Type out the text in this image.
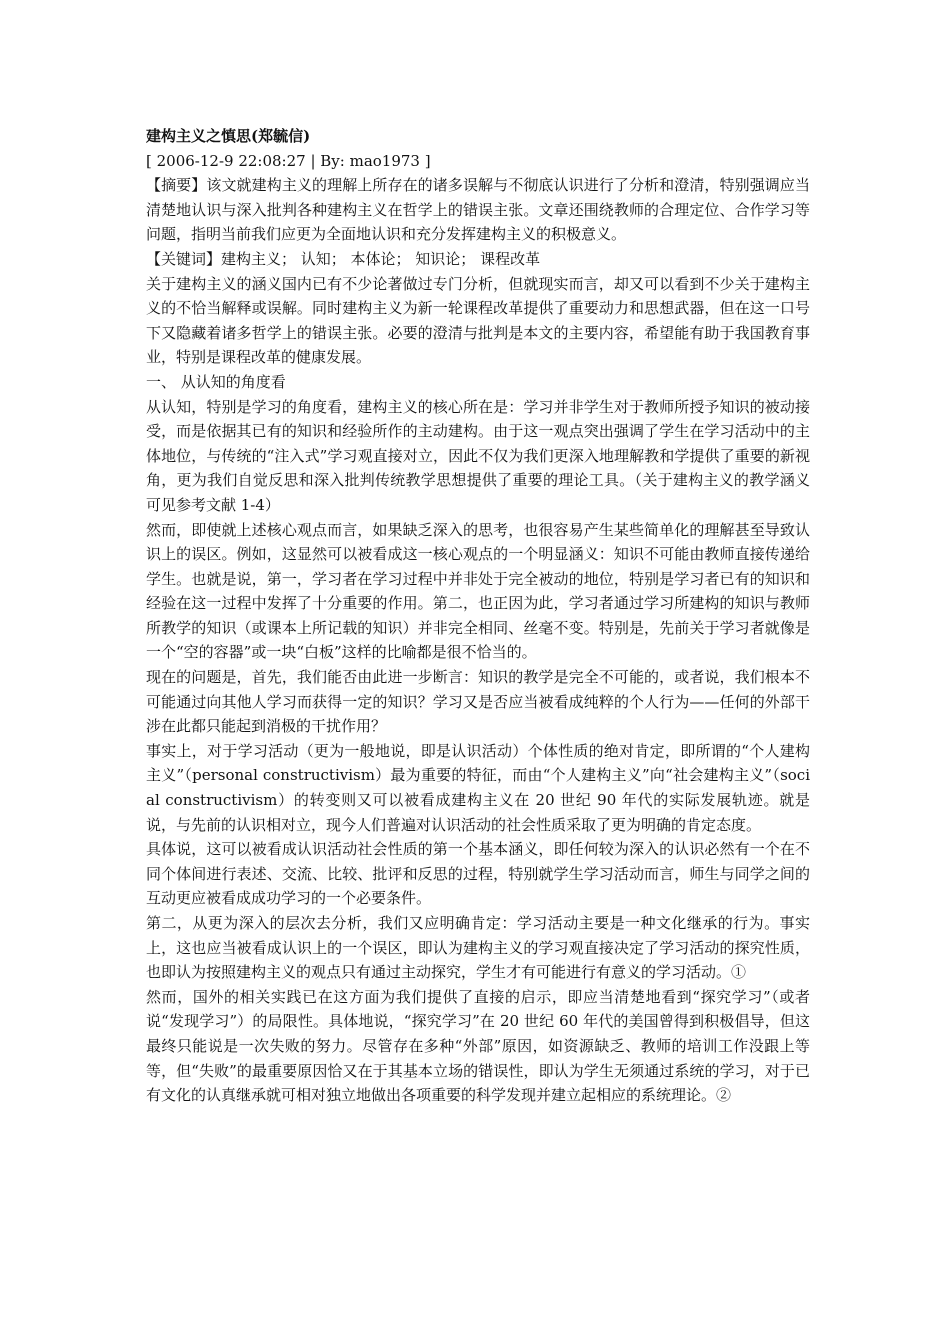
建构主义之慎思(郑毓信)

[ 2006-12-9 22:08:27 | By: mao1973 ]

【摘要】该文就建构主义的理解上所存在的诸多误解与不彻底认识进行了分析和澄清，特别强调应当清楚地认识与深入批判各种建构主义在哲学上的错误主张。文章还围绕教师的合理定位、合作学习等问题，指明当前我们应更为全面地认识和充分发挥建构主义的积极意义。

【关键词】建构主义； 认知； 本体论； 知识论； 课程改革

关于建构主义的涵义国内已有不少论著做过专门分析，但就现实而言，却又可以看到不少关于建构主义的不恰当解释或误解。同时建构主义为新一轮课程改革提供了重要动力和思想武器，但在这一口号下又隐藏着诸多哲学上的错误主张。必要的澄清与批判是本文的主要内容，希望能有助于我国教育事业，特别是课程改革的健康发展。

一、 从认知的角度看

从认知，特别是学习的角度看，建构主义的核心所在是：学习并非学生对于教师所授予知识的被动接受，而是依据其已有的知识和经验所作的主动建构。由于这一观点突出强调了学生在学习活动中的主体地位，与传统的“注入式”学习观直接对立，因此不仅为我们更深入地理解教和学提供了重要的新视角，更为我们自觉反思和深入批判传统教学思想提供了重要的理论工具。（关于建构主义的教学涵义可见参考文献 1-4）

然而，即使就上述核心观点而言，如果缺乏深入的思考，也很容易产生某些简单化的理解甚至导致认识上的误区。例如，这显然可以被看成这一核心观点的一个明显涵义：知识不可能由教师直接传递给学生。也就是说，第一，学习者在学习过程中并非处于完全被动的地位，特别是学习者已有的知识和经验在这一过程中发挥了十分重要的作用。第二，也正因为此，学习者通过学习所建构的知识与教师所教学的知识（或课本上所记载的知识）并非完全相同、丝毫不变。特别是，先前关于学习者就像是一个“空的容器”或一块“白板”这样的比喻都是很不恰当的。

现在的问题是，首先，我们能否由此进一步断言：知识的教学是完全不可能的，或者说，我们根本不可能通过向其他人学习而获得一定的知识？学习又是否应当被看成纯粹的个人行为——任何的外部干涉在此都只能起到消极的干扰作用？

事实上，对于学习活动（更为一般地说，即是认识活动）个体性质的绝对肯定，即所谓的“个人建构主义”（personal constructivism）最为重要的特征，而由“个人建构主义”向“社会建构主义”（social constructivism）的转变则又可以被看成建构主义在 20 世纪 90 年代的实际发展轨迹。就是说，与先前的认识相对立，现今人们普遍对认识活动的社会性质采取了更为明确的肯定态度。

具体说，这可以被看成认识活动社会性质的第一个基本涵义，即任何较为深入的认识必然有一个在不同个体间进行表述、交流、比较、批评和反思的过程，特别就学生学习活动而言，师生与同学之间的互动更应被看成成功学习的一个必要条件。

第二，从更为深入的层次去分析，我们又应明确肯定：学习活动主要是一种文化继承的行为。事实上，这也应当被看成认识上的一个误区，即认为建构主义的学习观直接决定了学习活动的探究性质，也即认为按照建构主义的观点只有通过主动探究，学生才有可能进行有意义的学习活动。①

然而，国外的相关实践已在这方面为我们提供了直接的启示，即应当清楚地看到“探究学习”（或者说“发现学习”）的局限性。具体地说，“探究学习”在 20 世纪 60 年代的美国曾得到积极倡导，但这最终只能说是一次失败的努力。尽管存在多种“外部”原因，如资源缺乏、教师的培训工作没跟上等等，但“失败”的最重要原因恰又在于其基本立场的错误性，即认为学生无须通过系统的学习，对于已有文化的认真继承就可相对独立地做出各项重要的科学发现并建立起相应的系统理论。②
